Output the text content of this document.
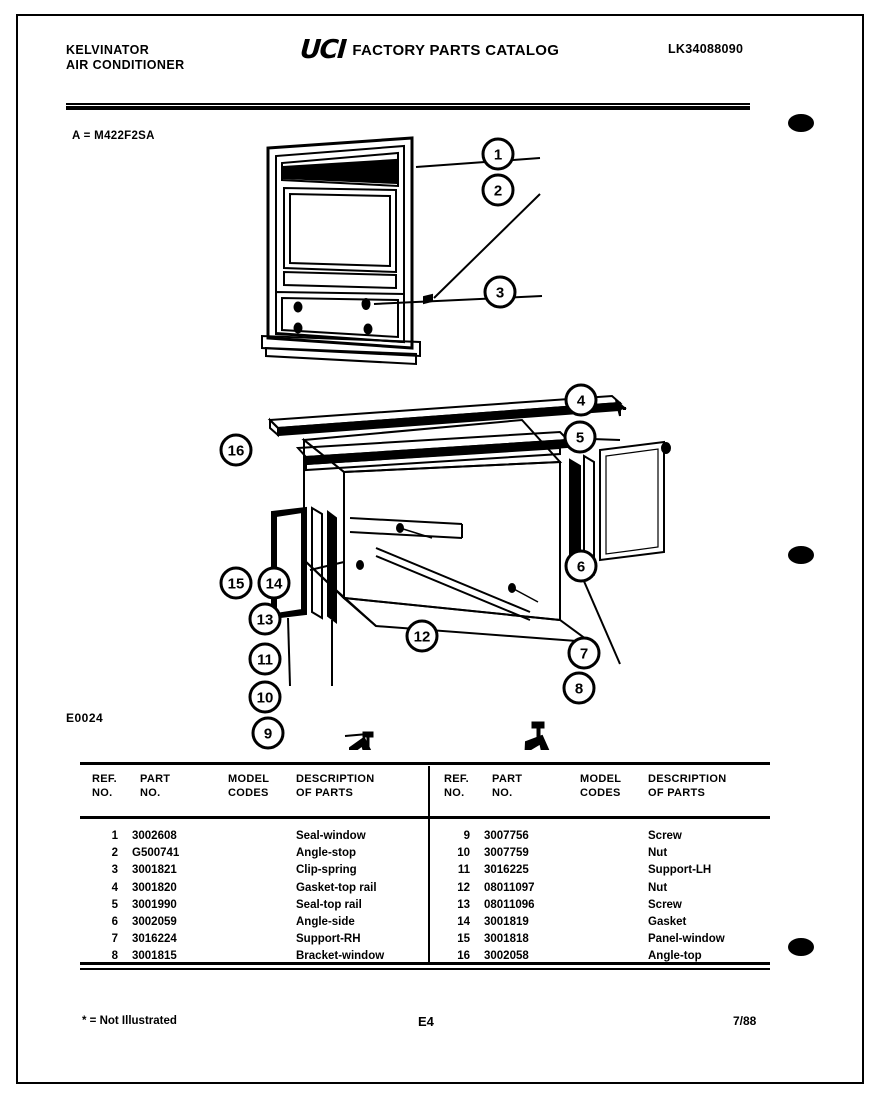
KELVINATOR
AIR CONDITIONER	UCI FACTORY PARTS CATALOG	LK34088090
A = M422F2SA
1
2
3
4
5
6
7
8
9
10
11
12
13
14
15
16
E0024
REF.
NO.
PART
NO.
MODEL
CODES
DESCRIPTION
OF PARTS
1 3002608	Seal-window
2 G500741	Angle-stop
3 3001821	Clip-spring
4 3001820	Gasket-top rail
5 3001990	Seal-top rail
6 3002059	Angle-side
7 3016224	Support-RH
8 3001815	Bracket-window
REF.
NO.
PART
NO.
MODEL
CODES
DESCRIPTION
OF PARTS
9 3007756	Screw
10 3007759	Nut
11 3016225	Support-LH
12 08011097	Nut
13 08011096	Screw
14 3001819	Gasket
15 3001818	Panel-window
16 3002058	Angle-top
* = Not Illustrated	E4	7/88
